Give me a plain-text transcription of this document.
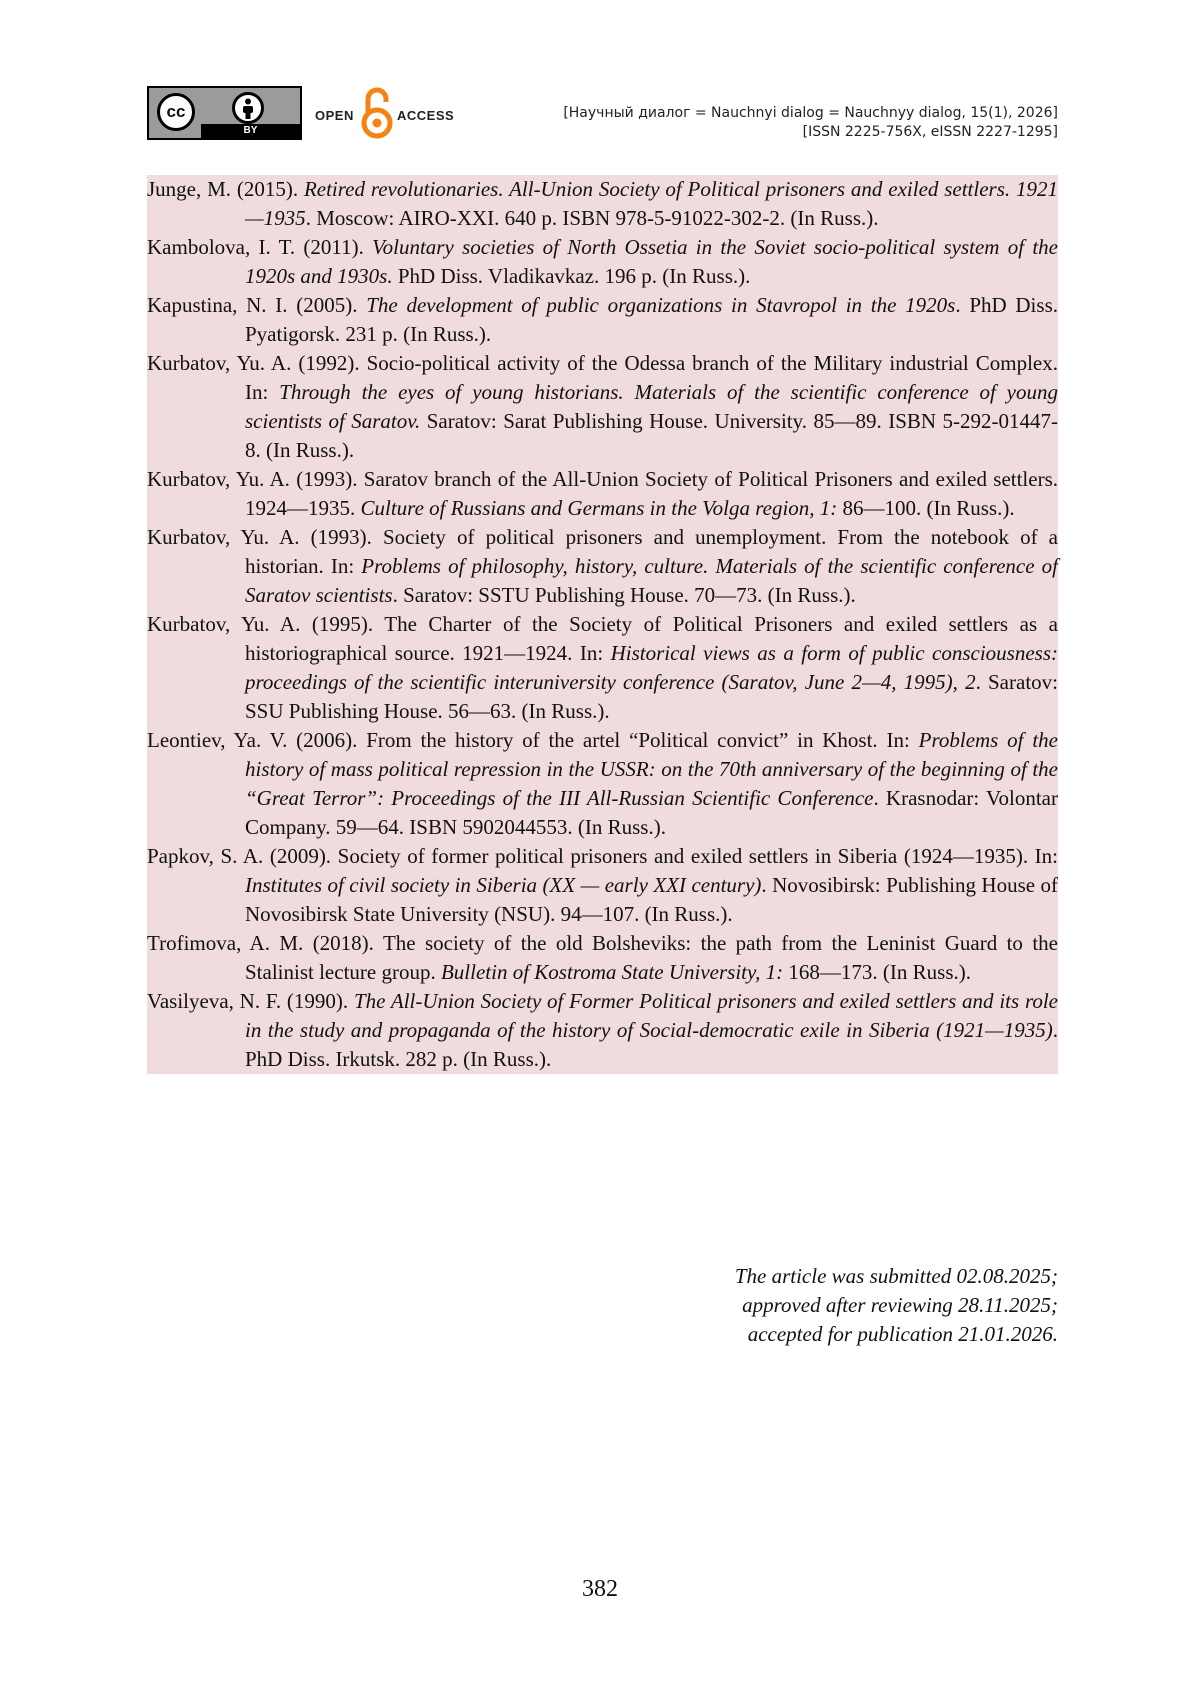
cc
BY
OPEN	ACCESS	[Научный диалог = Nauchnyi dialog = Nauchnyy dialog, 15(1), 2026]
[ISSN 2225-756X, eISSN 2227-1295]

Junge, M. (2015). Retired revolutionaries. All-Union Society of Political prisoners and exiled settlers. 1921—1935. Moscow: AIRO-XXI. 640 p. ISBN 978-5-91022-302-2. (In Russ.).

Kambolova, I. T. (2011). Voluntary societies of North Ossetia in the Soviet socio-political system of the 1920s and 1930s. PhD Diss. Vladikavkaz. 196 p. (In Russ.).

Kapustina, N. I. (2005). The development of public organizations in Stavropol in the 1920s. PhD Diss. Pyatigorsk. 231 p. (In Russ.).

Kurbatov, Yu. A. (1992). Socio-political activity of the Odessa branch of the Military industrial Complex. In: Through the eyes of young historians. Materials of the scientific conference of young scientists of Saratov. Saratov: Sarat Publishing House. University. 85—89. ISBN 5-292-01447-8. (In Russ.).

Kurbatov, Yu. A. (1993). Saratov branch of the All-Union Society of Political Prisoners and exiled settlers. 1924—1935. Culture of Russians and Germans in the Volga region, 1: 86—100. (In Russ.).

Kurbatov, Yu. A. (1993). Society of political prisoners and unemployment. From the notebook of a historian. In: Problems of philosophy, history, culture. Materials of the scientific conference of Saratov scientists. Saratov: SSTU Publishing House. 70—73. (In Russ.).

Kurbatov, Yu. A. (1995). The Charter of the Society of Political Prisoners and exiled settlers as a historiographical source. 1921—1924. In: Historical views as a form of public consciousness: proceedings of the scientific interuniversity conference (Saratov, June 2—4, 1995), 2. Saratov: SSU Publishing House. 56—63. (In Russ.).

Leontiev, Ya. V. (2006). From the history of the artel “Political convict” in Khost. In: Problems of the history of mass political repression in the USSR: on the 70th anniversary of the beginning of the “Great Terror”: Proceedings of the III All-Russian Scientific Conference. Krasnodar: Volontar Company. 59—64. ISBN 5902044553. (In Russ.).

Papkov, S. A. (2009). Society of former political prisoners and exiled settlers in Siberia (1924—1935). In: Institutes of civil society in Siberia (XX — early XXI century). Novosibirsk: Publishing House of Novosibirsk State University (NSU). 94—107. (In Russ.).

Trofimova, A. M. (2018). The society of the old Bolsheviks: the path from the Leninist Guard to the Stalinist lecture group. Bulletin of Kostroma State University, 1: 168—173. (In Russ.).

Vasilyeva, N. F. (1990). The All-Union Society of Former Political prisoners and exiled settlers and its role in the study and propaganda of the history of Social-democratic exile in Siberia (1921—1935). PhD Diss. Irkutsk. 282 p. (In Russ.).

The article was submitted 02.08.2025;
approved after reviewing 28.11.2025;
accepted for publication 21.01.2026.
382
